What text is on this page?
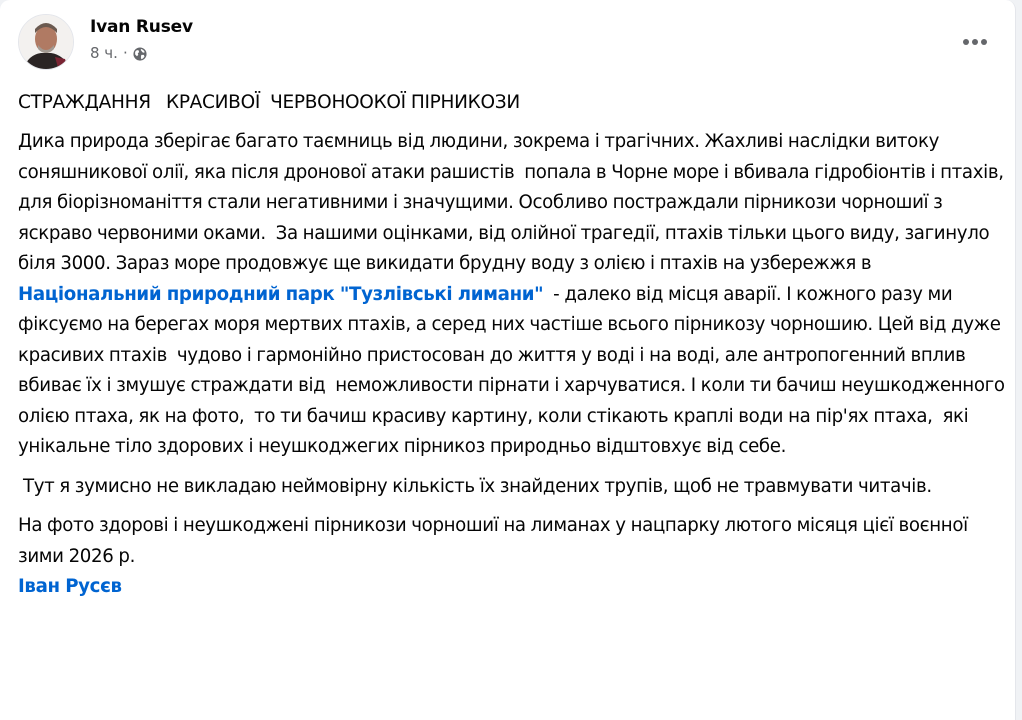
Ivan Rusev
8 ч. ·
СТРАЖДАННЯ   КРАСИВОЇ  ЧЕРВОНООКОЇ ПІРНИКОЗИ
Дика природа зберігає багато таємниць від людини, зокрема і трагічних. Жахливі наслідки витоку соняшникової олії, яка після дронової атаки рашистів  попала в Чорне море і вбивала гідробіонтів і птахів, для біорізноманіття стали негативними і значущими. Особливо постраждали пірникози чорношиї з яскраво червоними оками.  За нашими оцінками, від олійної трагедії, птахів тільки цього виду, загинуло біля 3000. Зараз море продовжує ще викидати брудну воду з олією і птахів на узбережжя в Національний природний парк "Тузлівські лимани"  - далеко від місця аварії. І кожного разу ми  фіксуємо на берегах моря мертвих птахів, а серед них частіше всього пірникозу чорношию. Цей від дуже красивих птахів  чудово і гармонійно пристосован до життя у воді і на воді, але антропогенний вплив вбиває їх і змушує страждати від  неможливости пірнати і харчуватися. І коли ти бачиш неушкодженного олією птаха, як на фото,  то ти бачиш красиву картину, коли стікають краплі води на пір'ях птаха,  які  унікальне тіло здорових і неушкоджегих пірникоз природньо відштовхує від себе.
Тут я зумисно не викладаю неймовірну кількість їх знайдених трупів, щоб не травмувати читачів.
На фото здорові і неушкоджені пірникози чорношиї на лиманах у нацпарку лютого місяця цієї воєнної зими 2026 р.
Іван Русєв
